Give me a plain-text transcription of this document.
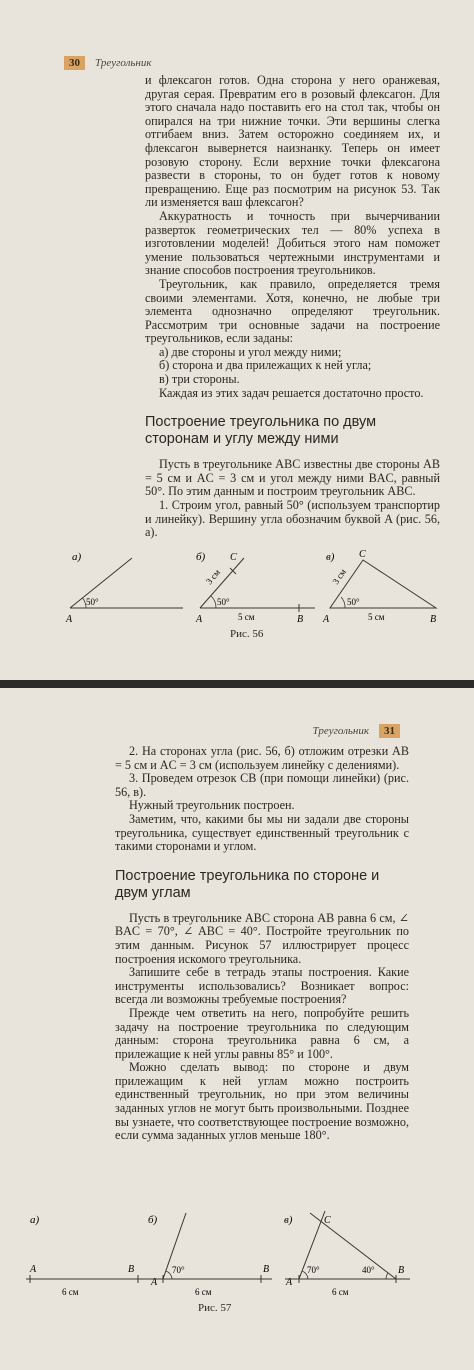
30	Треугольник

и флексагон готов. Одна сторона у него оранжевая, другая серая. Превратим его в розовый флексагон. Для этого сначала надо поставить его на стол так, чтобы он опирался на три нижние точки. Эти вершины слегка отгибаем вниз. Затем осторожно соединяем их, и флексагон вывернется наизнанку. Теперь он имеет розовую сторону. Если верхние точки флексагона развести в стороны, то он будет готов к новому превращению. Еще раз посмотрим на рисунок 53. Так ли изменяется ваш флексагон?

Аккуратность и точность при вычерчивании разверток геометрических тел — 80% успеха в изготовлении моделей! Добиться этого нам поможет умение пользоваться чертежными инструментами и знание способов построения треугольников.

Треугольник, как правило, определяется тремя своими элементами. Хотя, конечно, не любые три элемента однозначно определяют треугольник. Рассмотрим три основные задачи на построение треугольников, если заданы:

а) две стороны и угол между ними;

б) сторона и два прилежащих к ней угла;

в) три стороны.

Каждая из этих задач решается достаточно просто.

Построение треугольника по двум сторонам и углу между ними

Пусть в треугольнике ABC известны две стороны AB = 5 см и AC = 3 см и угол между ними BAC, равный 50°. По этим данным и построим треугольник ABC.

1. Строим угол, равный 50° (используем транспортир и линейку). Вершину угла обозначим буквой A (рис. 56, а).

а)
50°
A
б)
50°
3 см
5 см
A	B
C	в)
50°
3 см
5 см
A	B
C
Рис. 56
Треугольник	31

2. На сторонах угла (рис. 56, б) отложим отрезки AB = 5 см и AC = 3 см (используем линейку с делениями).

3. Проведем отрезок CB (при помощи линейки) (рис. 56, в).

Нужный треугольник построен.

Заметим, что, какими бы мы ни задали две стороны треугольника, существует единственный треугольник с такими сторонами и углом.

Построение треугольника по стороне и двум углам

Пусть в треугольнике ABC сторона AB равна 6 см, ∠ BAC = 70°, ∠ ABC = 40°. Постройте треугольник по этим данным. Рисунок 57 иллюстрирует процесс построения искомого треугольника.

Запишите себе в тетрадь этапы построения. Какие инструменты использовались? Возникает вопрос: всегда ли возможны требуемые построения?

Прежде чем ответить на него, попробуйте решить задачу на построение треугольника по следующим данным: сторона треугольника равна 6 см, а прилежащие к ней углы равны 85° и 100°.

Можно сделать вывод: по стороне и двум прилежащим к ней углам можно построить единственный треугольник, но при этом величины заданных углов не могут быть произвольными. Позднее вы узнаете, что соответствующее построение возможно, если сумма заданных углов меньше 180°.

а)
A	B
6 см
б)
70°
A
B
6 см
в)
70°	40°
A
B
C
6 см
Рис. 57
